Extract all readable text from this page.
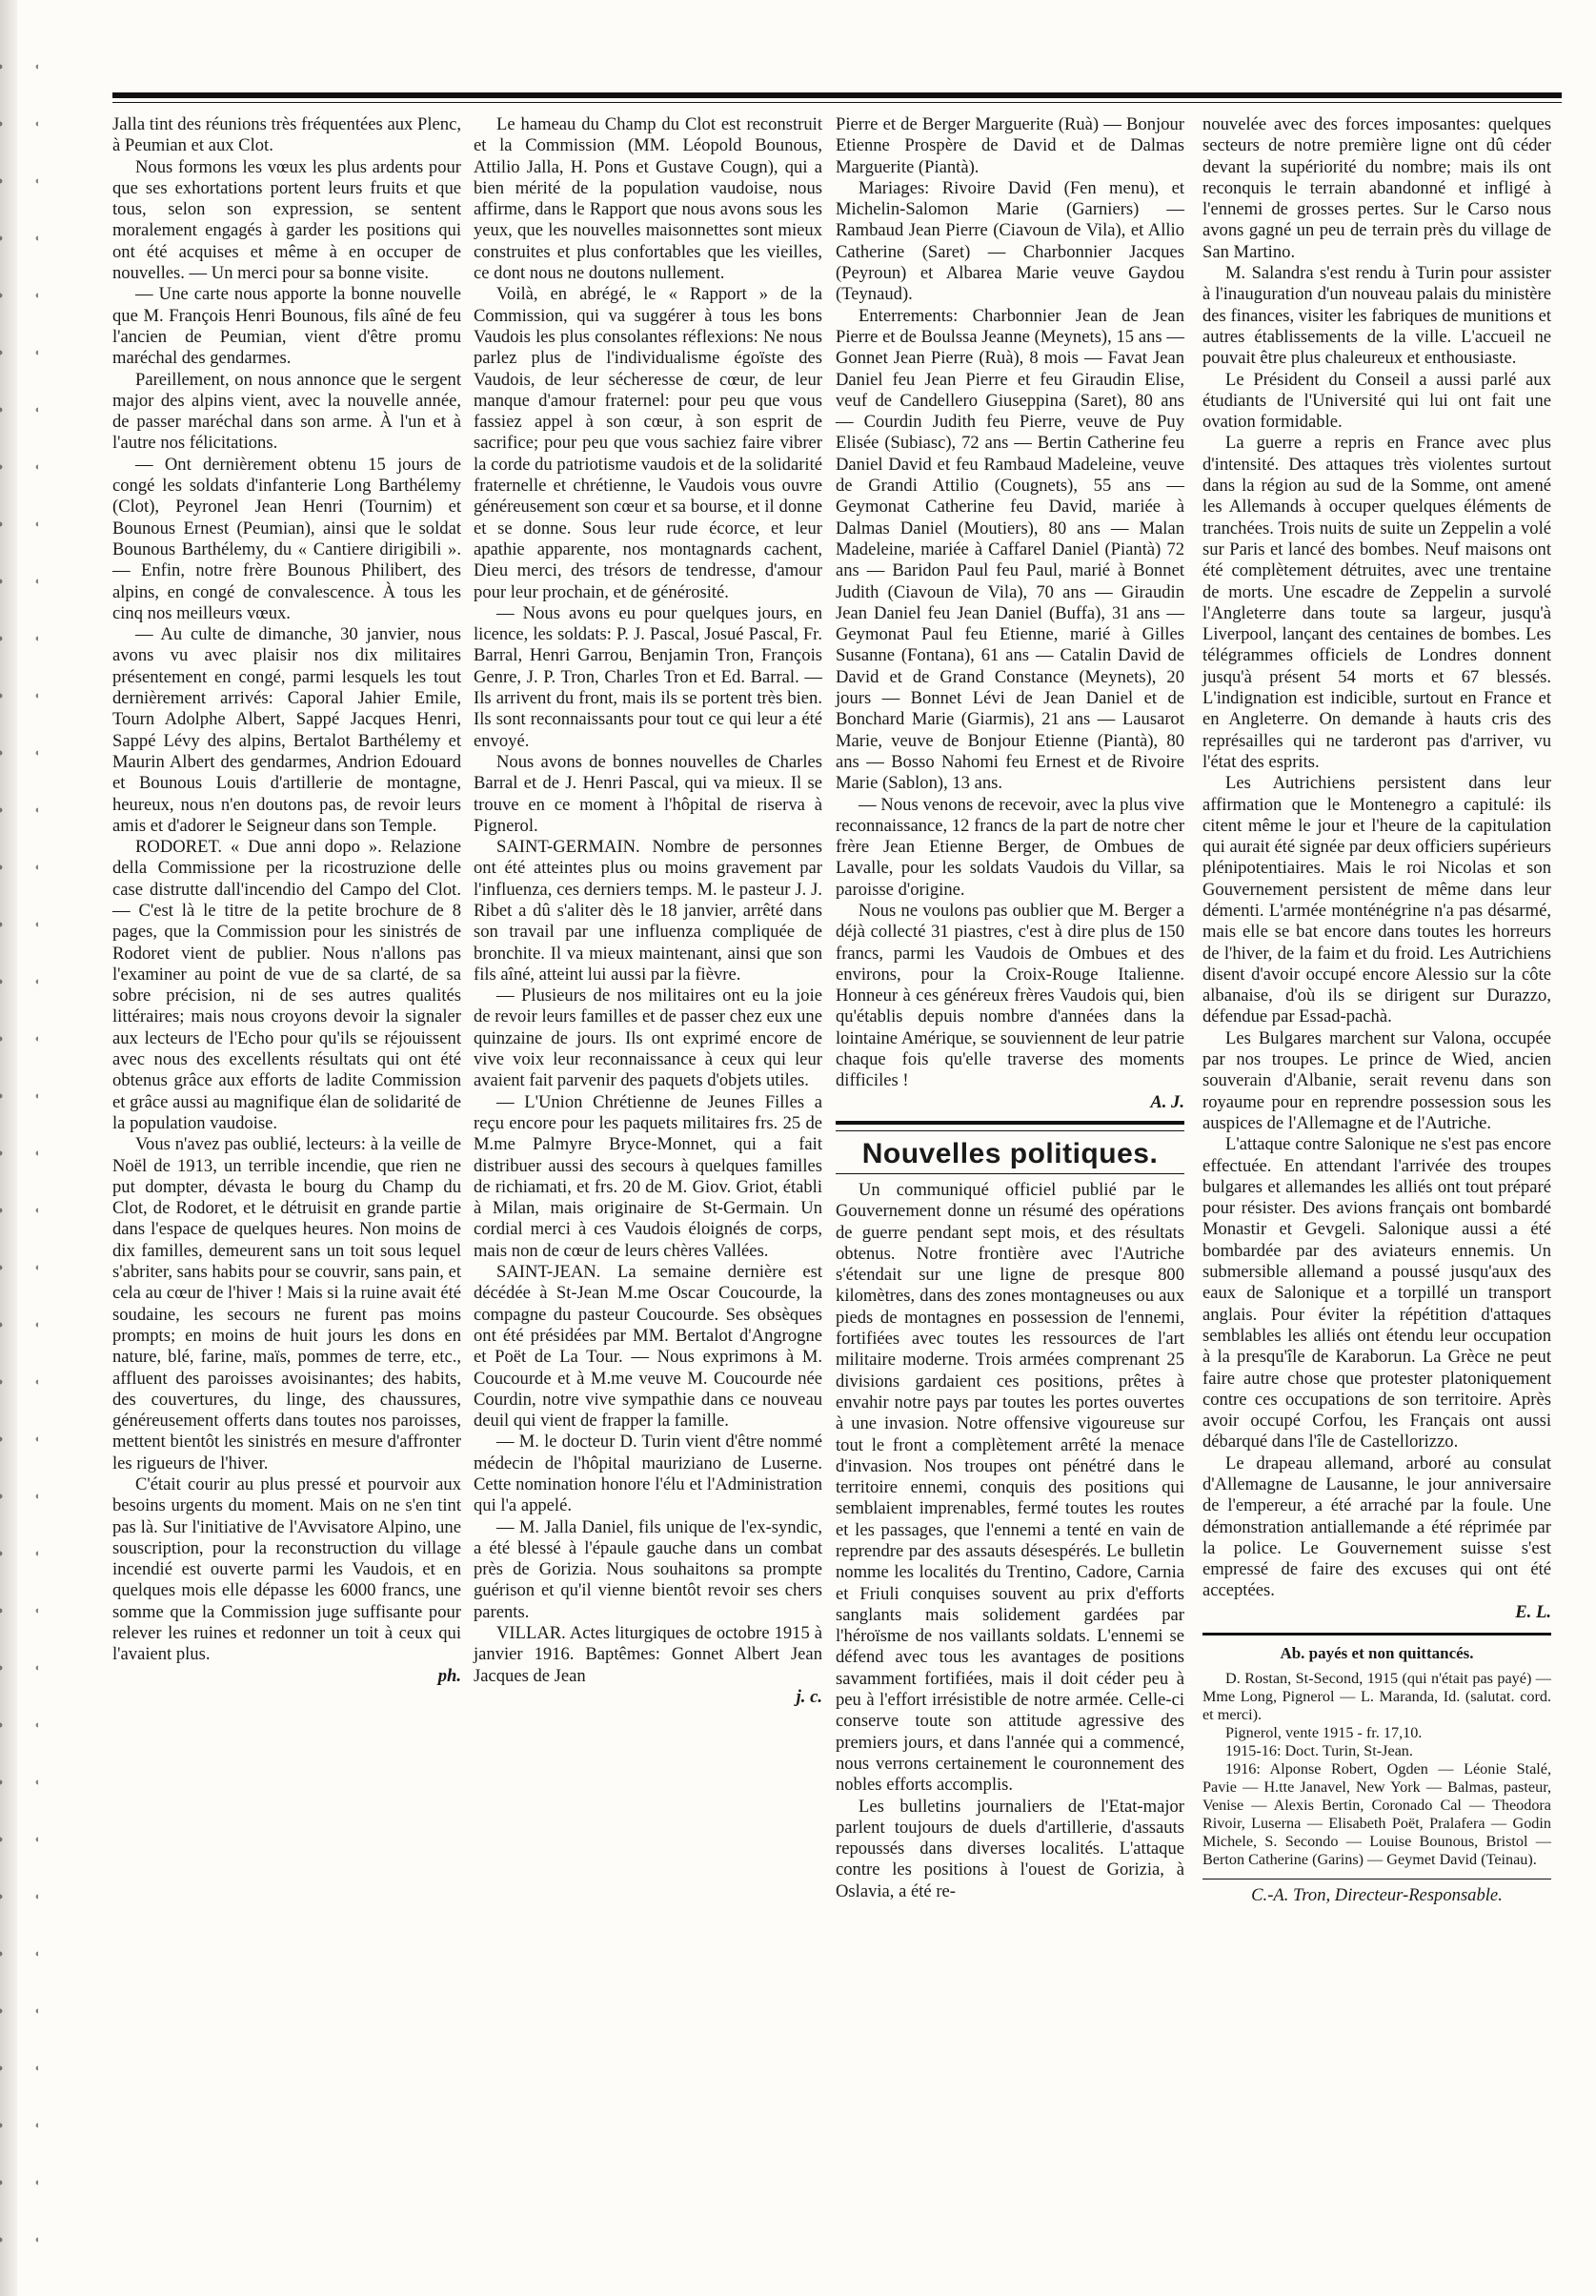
Jalla tint des réunions très fréquentées aux Plenc, à Peumian et aux Clot.

Nous formons les vœux les plus ardents pour que ses exhortations portent leurs fruits et que tous, selon son expression, se sentent moralement engagés à garder les positions qui ont été acquises et même à en occuper de nouvelles. — Un merci pour sa bonne visite.

— Une carte nous apporte la bonne nouvelle que M. François Henri Bounous, fils aîné de feu l'ancien de Peumian, vient d'être promu maréchal des gendarmes.

Pareillement, on nous annonce que le sergent major des alpins vient, avec la nouvelle année, de passer maréchal dans son arme. À l'un et à l'autre nos félicitations.

— Ont dernièrement obtenu 15 jours de congé les soldats d'infanterie Long Barthélemy (Clot), Peyronel Jean Henri (Tournim) et Bounous Ernest (Peumian), ainsi que le soldat Bounous Barthélemy, du « Cantiere dirigibili ». — Enfin, notre frère Bounous Philibert, des alpins, en congé de convalescence. À tous les cinq nos meilleurs vœux.

— Au culte de dimanche, 30 janvier, nous avons vu avec plaisir nos dix militaires présentement en congé, parmi lesquels les tout dernièrement arrivés: Caporal Jahier Emile, Tourn Adolphe Albert, Sappé Jacques Henri, Sappé Lévy des alpins, Bertalot Barthélemy et Maurin Albert des gendarmes, Andrion Edouard et Bounous Louis d'artillerie de montagne, heureux, nous n'en doutons pas, de revoir leurs amis et d'adorer le Seigneur dans son Temple.

RODORET. « Due anni dopo ». Relazione della Commissione per la ricostruzione delle case distrutte dall'incendio del Campo del Clot. — C'est là le titre de la petite brochure de 8 pages, que la Commission pour les sinistrés de Rodoret vient de publier. Nous n'allons pas l'examiner au point de vue de sa clarté, de sa sobre précision, ni de ses autres qualités littéraires; mais nous croyons devoir la signaler aux lecteurs de l'Echo pour qu'ils se réjouissent avec nous des excellents résultats qui ont été obtenus grâce aux efforts de ladite Commission et grâce aussi au magnifique élan de solidarité de la population vaudoise.

Vous n'avez pas oublié, lecteurs: à la veille de Noël de 1913, un terrible incendie, que rien ne put dompter, dévasta le bourg du Champ du Clot, de Rodoret, et le détruisit en grande partie dans l'espace de quelques heures. Non moins de dix familles, demeurent sans un toit sous lequel s'abriter, sans habits pour se couvrir, sans pain, et cela au cœur de l'hiver ! Mais si la ruine avait été soudaine, les secours ne furent pas moins prompts; en moins de huit jours les dons en nature, blé, farine, maïs, pommes de terre, etc., affluent des paroisses avoisinantes; des habits, des couvertures, du linge, des chaussures, généreusement offerts dans toutes nos paroisses, mettent bientôt les sinistrés en mesure d'affronter les rigueurs de l'hiver.

C'était courir au plus pressé et pourvoir aux besoins urgents du moment. Mais on ne s'en tint pas là. Sur l'initiative de l'Avvisatore Alpino, une souscription, pour la reconstruction du village incendié est ouverte parmi les Vaudois, et en quelques mois elle dépasse les 6000 francs, une somme que la Commission juge suffisante pour relever les ruines et redonner un toit à ceux qui l'avaient plus.

ph.

Le hameau du Champ du Clot est reconstruit et la Commission (MM. Léopold Bounous, Attilio Jalla, H. Pons et Gustave Cougn), qui a bien mérité de la population vaudoise, nous affirme, dans le Rapport que nous avons sous les yeux, que les nouvelles maisonnettes sont mieux construites et plus confortables que les vieilles, ce dont nous ne doutons nullement.

Voilà, en abrégé, le « Rapport » de la Commission, qui va suggérer à tous les bons Vaudois les plus consolantes réflexions: Ne nous parlez plus de l'individualisme égoïste des Vaudois, de leur sécheresse de cœur, de leur manque d'amour fraternel: pour peu que vous fassiez appel à son cœur, à son esprit de sacrifice; pour peu que vous sachiez faire vibrer la corde du patriotisme vaudois et de la solidarité fraternelle et chrétienne, le Vaudois vous ouvre généreusement son cœur et sa bourse, et il donne et se donne. Sous leur rude écorce, et leur apathie apparente, nos montagnards cachent, Dieu merci, des trésors de tendresse, d'amour pour leur prochain, et de générosité.

— Nous avons eu pour quelques jours, en licence, les soldats: P. J. Pascal, Josué Pascal, Fr. Barral, Henri Garrou, Benjamin Tron, François Genre, J. P. Tron, Charles Tron et Ed. Barral. — Ils arrivent du front, mais ils se portent très bien. Ils sont reconnaissants pour tout ce qui leur a été envoyé.

Nous avons de bonnes nouvelles de Charles Barral et de J. Henri Pascal, qui va mieux. Il se trouve en ce moment à l'hôpital de riserva à Pignerol.

SAINT-GERMAIN. Nombre de personnes ont été atteintes plus ou moins gravement par l'influenza, ces derniers temps. M. le pasteur J. J. Ribet a dû s'aliter dès le 18 janvier, arrêté dans son travail par une influenza compliquée de bronchite. Il va mieux maintenant, ainsi que son fils aîné, atteint lui aussi par la fièvre.

— Plusieurs de nos militaires ont eu la joie de revoir leurs familles et de passer chez eux une quinzaine de jours. Ils ont exprimé encore de vive voix leur reconnaissance à ceux qui leur avaient fait parvenir des paquets d'objets utiles.

— L'Union Chrétienne de Jeunes Filles a reçu encore pour les paquets militaires frs. 25 de M.me Palmyre Bryce-Monnet, qui a fait distribuer aussi des secours à quelques familles de richiamati, et frs. 20 de M. Giov. Griot, établi à Milan, mais originaire de St-Germain. Un cordial merci à ces Vaudois éloignés de corps, mais non de cœur de leurs chères Vallées.

SAINT-JEAN. La semaine dernière est décédée à St-Jean M.me Oscar Coucourde, la compagne du pasteur Coucourde. Ses obsèques ont été présidées par MM. Bertalot d'Angrogne et Poët de La Tour. — Nous exprimons à M. Coucourde et à M.me veuve M. Coucourde née Courdin, notre vive sympathie dans ce nouveau deuil qui vient de frapper la famille.

— M. le docteur D. Turin vient d'être nommé médecin de l'hôpital mauriziano de Luserne. Cette nomination honore l'élu et l'Administration qui l'a appelé.

— M. Jalla Daniel, fils unique de l'ex-syndic, a été blessé à l'épaule gauche dans un combat près de Gorizia. Nous souhaitons sa prompte guérison et qu'il vienne bientôt revoir ses chers parents.

VILLAR. Actes liturgiques de octobre 1915 à janvier 1916. Baptêmes: Gonnet Albert Jean Jacques de Jean

j. c.

Pierre et de Berger Marguerite (Ruà) — Bonjour Etienne Prospère de David et de Dalmas Marguerite (Piantà).

Mariages: Rivoire David (Fen menu), et Michelin-Salomon Marie (Garniers) — Rambaud Jean Pierre (Ciavoun de Vila), et Allio Catherine (Saret) — Charbonnier Jacques (Peyroun) et Albarea Marie veuve Gaydou (Teynaud).

Enterrements: Charbonnier Jean de Jean Pierre et de Boulssa Jeanne (Meynets), 15 ans — Gonnet Jean Pierre (Ruà), 8 mois — Favat Jean Daniel feu Jean Pierre et feu Giraudin Elise, veuf de Candellero Giuseppina (Saret), 80 ans — Courdin Judith feu Pierre, veuve de Puy Elisée (Subiasc), 72 ans — Bertin Catherine feu Daniel David et feu Rambaud Madeleine, veuve de Grandi Attilio (Cougnets), 55 ans — Geymonat Catherine feu David, mariée à Dalmas Daniel (Moutiers), 80 ans — Malan Madeleine, mariée à Caffarel Daniel (Piantà) 72 ans — Baridon Paul feu Paul, marié à Bonnet Judith (Ciavoun de Vila), 70 ans — Giraudin Jean Daniel feu Jean Daniel (Buffa), 31 ans — Geymonat Paul feu Etienne, marié à Gilles Susanne (Fontana), 61 ans — Catalin David de David et de Grand Constance (Meynets), 20 jours — Bonnet Lévi de Jean Daniel et de Bonchard Marie (Giarmis), 21 ans — Lausarot Marie, veuve de Bonjour Etienne (Piantà), 80 ans — Bosso Nahomi feu Ernest et de Rivoire Marie (Sablon), 13 ans.

— Nous venons de recevoir, avec la plus vive reconnaissance, 12 francs de la part de notre cher frère Jean Etienne Berger, de Ombues de Lavalle, pour les soldats Vaudois du Villar, sa paroisse d'origine.

Nous ne voulons pas oublier que M. Berger a déjà collecté 31 piastres, c'est à dire plus de 150 francs, parmi les Vaudois de Ombues et des environs, pour la Croix-Rouge Italienne. Honneur à ces généreux frères Vaudois qui, bien qu'établis depuis nombre d'années dans la lointaine Amérique, se souviennent de leur patrie chaque fois qu'elle traverse des moments difficiles !

A. J.

Nouvelles politiques.

Un communiqué officiel publié par le Gouvernement donne un résumé des opérations de guerre pendant sept mois, et des résultats obtenus. Notre frontière avec l'Autriche s'étendait sur une ligne de presque 800 kilomètres, dans des zones montagneuses ou aux pieds de montagnes en possession de l'ennemi, fortifiées avec toutes les ressources de l'art militaire moderne. Trois armées comprenant 25 divisions gardaient ces positions, prêtes à envahir notre pays par toutes les portes ouvertes à une invasion. Notre offensive vigoureuse sur tout le front a complètement arrêté la menace d'invasion. Nos troupes ont pénétré dans le territoire ennemi, conquis des positions qui semblaient imprenables, fermé toutes les routes et les passages, que l'ennemi a tenté en vain de reprendre par des assauts désespérés. Le bulletin nomme les localités du Trentino, Cadore, Carnia et Friuli conquises souvent au prix d'efforts sanglants mais solidement gardées par l'héroïsme de nos vaillants soldats. L'ennemi se défend avec tous les avantages de positions savamment fortifiées, mais il doit céder peu à peu à l'effort irrésistible de notre armée. Celle-ci conserve toute son attitude agressive des premiers jours, et dans l'année qui a commencé, nous verrons certainement le couronnement des nobles efforts accomplis.

Les bulletins journaliers de l'Etat-major parlent toujours de duels d'artillerie, d'assauts repoussés dans diverses localités. L'attaque contre les positions à l'ouest de Gorizia, à Oslavia, a été re-

nouvelée avec des forces imposantes: quelques secteurs de notre première ligne ont dû céder devant la supériorité du nombre; mais ils ont reconquis le terrain abandonné et infligé à l'ennemi de grosses pertes. Sur le Carso nous avons gagné un peu de terrain près du village de San Martino.

M. Salandra s'est rendu à Turin pour assister à l'inauguration d'un nouveau palais du ministère des finances, visiter les fabriques de munitions et autres établissements de la ville. L'accueil ne pouvait être plus chaleureux et enthousiaste.

Le Président du Conseil a aussi parlé aux étudiants de l'Université qui lui ont fait une ovation formidable.

La guerre a repris en France avec plus d'intensité. Des attaques très violentes surtout dans la région au sud de la Somme, ont amené les Allemands à occuper quelques éléments de tranchées. Trois nuits de suite un Zeppelin a volé sur Paris et lancé des bombes. Neuf maisons ont été complètement détruites, avec une trentaine de morts. Une escadre de Zeppelin a survolé l'Angleterre dans toute sa largeur, jusqu'à Liverpool, lançant des centaines de bombes. Les télégrammes officiels de Londres donnent jusqu'à présent 54 morts et 67 blessés. L'indignation est indicible, surtout en France et en Angleterre. On demande à hauts cris des représailles qui ne tarderont pas d'arriver, vu l'état des esprits.

Les Autrichiens persistent dans leur affirmation que le Montenegro a capitulé: ils citent même le jour et l'heure de la capitulation qui aurait été signée par deux officiers supérieurs plénipotentiaires. Mais le roi Nicolas et son Gouvernement persistent de même dans leur démenti. L'armée monténégrine n'a pas désarmé, mais elle se bat encore dans toutes les horreurs de l'hiver, de la faim et du froid. Les Autrichiens disent d'avoir occupé encore Alessio sur la côte albanaise, d'où ils se dirigent sur Durazzo, défendue par Essad-pachà.

Les Bulgares marchent sur Valona, occupée par nos troupes. Le prince de Wied, ancien souverain d'Albanie, serait revenu dans son royaume pour en reprendre possession sous les auspices de l'Allemagne et de l'Autriche.

L'attaque contre Salonique ne s'est pas encore effectuée. En attendant l'arrivée des troupes bulgares et allemandes les alliés ont tout préparé pour résister. Des avions français ont bombardé Monastir et Gevgeli. Salonique aussi a été bombardée par des aviateurs ennemis. Un submersible allemand a poussé jusqu'aux des eaux de Salonique et a torpillé un transport anglais. Pour éviter la répétition d'attaques semblables les alliés ont étendu leur occupation à la presqu'île de Karaborun. La Grèce ne peut faire autre chose que protester platoniquement contre ces occupations de son territoire. Après avoir occupé Corfou, les Français ont aussi débarqué dans l'île de Castellorizzo.

Le drapeau allemand, arboré au consulat d'Allemagne de Lausanne, le jour anniversaire de l'empereur, a été arraché par la foule. Une démonstration antiallemande a été réprimée par la police. Le Gouvernement suisse s'est empressé de faire des excuses qui ont été acceptées.

E. L.

Ab. payés et non quittancés.

D. Rostan, St-Second, 1915 (qui n'était pas payé) — Mme Long, Pignerol — L. Maranda, Id. (salutat. cord. et merci).

Pignerol, vente 1915 - fr. 17,10.

1915-16: Doct. Turin, St-Jean.

1916: Alponse Robert, Ogden — Léonie Stalé, Pavie — H.tte Janavel, New York — Balmas, pasteur, Venise — Alexis Bertin, Coronado Cal — Theodora Rivoir, Luserna — Elisabeth Poët, Pralafera — Godin Michele, S. Secondo — Louise Bounous, Bristol — Berton Catherine (Garins) — Geymet David (Teinau).

C.-A. Tron, Directeur-Responsable.
